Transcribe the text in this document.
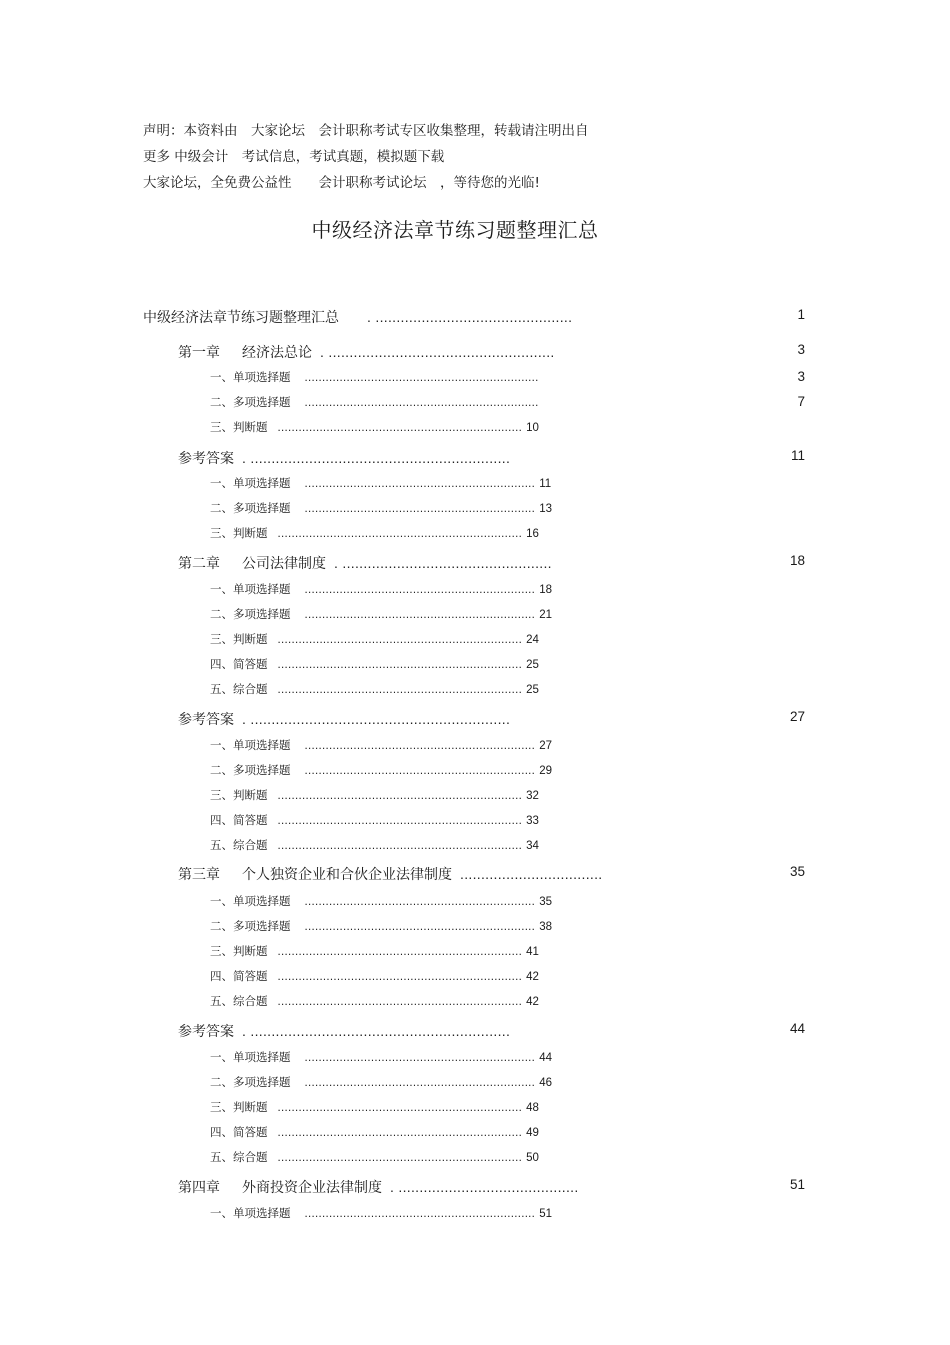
声明：本资料由　大家论坛　会计职称考试专区收集整理，转载请注明出自
更多 中级会计　考试信息，考试真题，模拟题下载
大家论坛，全免费公益性　　会计职称考试论坛　，等待您的光临!
中级经济法章节练习题整理汇总
中级经济法章节练习题整理汇总 . ...............................................	1
第一章 经济法总论 . ......................................................	3
一、 单项选择题 ...................................................................	3
二、 多项选择题 ...................................................................	7
三、 判断题 ...................................................................... 10
参考答案 . ..............................................................	11
一、 单项选择题 .................................................................. 11
二、 多项选择题 .................................................................. 13
三、 判断题 ...................................................................... 16
第二章 公司法律制度 . ..................................................	18
一、 单项选择题 .................................................................. 18
二、 多项选择题 .................................................................. 21
三、 判断题 ...................................................................... 24
四、 简答题 ...................................................................... 25
五、 综合题 ...................................................................... 25
参考答案 . ..............................................................	27
一、 单项选择题 .................................................................. 27
二、 多项选择题 .................................................................. 29
三、 判断题 ...................................................................... 32
四、 简答题 ...................................................................... 33
五、 综合题 ...................................................................... 34
第三章 个人独资企业和合伙企业法律制度 ..................................	35
一、 单项选择题 .................................................................. 35
二、 多项选择题 .................................................................. 38
三、 判断题 ...................................................................... 41
四、 简答题 ...................................................................... 42
五、 综合题 ...................................................................... 42
参考答案 . ..............................................................	44
一、 单项选择题 .................................................................. 44
二、 多项选择题 .................................................................. 46
三、 判断题 ...................................................................... 48
四、 简答题 ...................................................................... 49
五、 综合题 ...................................................................... 50
第四章 外商投资企业法律制度 . ...........................................	51
一、 单项选择题 .................................................................. 51
